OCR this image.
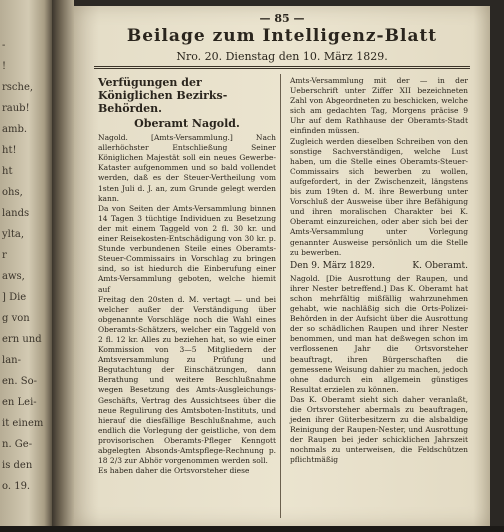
-
!
rsche,
raub!
amb.
ht!
ht
ohs,
lands
ylta,
r
aws,
] Die
g von
ern und
lan-
en. So-
en Lei-
it einem
n. Ge-
is den
o. 19.
— 85 —
Beilage zum Intelligenz-Blatt
Nro. 20. Dienstag den 10. März 1829.
Verfügungen der Königlichen Bezirks-Behörden.
Oberamt Nagold.

Nagold. [Amts-Versammlung.] Nach allerhöchster Entschließung Seiner Königlichen Majestät soll ein neues Gewerbe-Kataster aufgenommen und so bald vollendet werden, daß es der Steuer-Vertheilung vom 1sten Juli d. J. an, zum Grunde gelegt werden kann.

Da von Seiten der Amts-Versammlung binnen 14 Tagen 3 tüchtige Individuen zu Besetzung der mit einem Taggeld von 2 fl. 30 kr. und einer Reisekosten-Entschädigung von 30 kr. p. Stunde verbundenen Steile eines Oberamts-Steuer-Commissairs in Vorschlag zu bringen sind, so ist hiedurch die Einberufung einer Amts-Versammlung geboten, welche hiemit auf

Freitag den 20sten d. M. vertagt — und bei welcher außer der Verständigung über obgenannte Vorschläge noch die Wahl eines Oberamts-Schätzers, welcher ein Taggeld von 2 fl. 12 kr. Alles zu beziehen hat, so wie einer Kommission von 3—5 Mitgliedern der Amtsversammlung zu Prüfung und Begutachtung der Einschätzungen, dann Berathung und weitere Beschlußnahme wegen Besetzung des Amts-Ausgleichungs-Geschäfts, Vertrag des Aussichtsees über die neue Regulirung des Amtsboten-Instituts, und hierauf die diesfällige Beschlußnahme, auch endlich die Vorlegung der geistliche, von dem provisorischen Oberamts-Pfleger Kenngott abgelegten Absonds-Amtspflege-Rechnung p. 18 2/3 zur Abhör vorgenommen werden soll.

Es haben daher die Ortsvorsteher diese

Amts-Versammlung mit der — in der Ueberschrift unter Ziffer XII bezeichneten Zahl von Abgeordneten zu beschicken, welche sich am gedachten Tag, Morgens präcise 9 Uhr auf dem Rathhause der Oberamts-Stadt einfinden müssen.

Zugleich werden dieselben Schreiben von den sonstige Sachverständigen, welche Lust haben, um die Stelle eines Oberamts-Steuer-Commissairs sich bewerben zu wollen, aufgefordert, in der Zwischenzeit, längstens bis zum 19ten d. M. ihre Bewerbung unter Vorschluß der Ausweise über ihre Befähigung und ihren moralischen Charakter bei K. Oberamt einzureichen, oder aber sich bei der Amts-Versammlung unter Vorlegung genannter Ausweise persönlich um die Stelle zu bewerben.

Den 9. März 1829.	K. Oberamt.

Nagold. [Die Ausrottung der Raupen, und ihrer Nester betreffend.] Das K. Oberamt hat schon mehrfältig mißfällig wahrzunehmen gehabt, wie nachläßig sich die Orts-Polizei-Behörden in der Aufsicht über die Ausrottung der so schädlichen Raupen und ihrer Nester benommen, und man hat deßwegen schon im verflossenen Jahr die Ortsvorsteher beauftragt, ihren Bürgerschaften die gemessene Weisung dahier zu machen, jedoch ohne dadurch ein allgemein günstiges Resultat erzielen zu können.

Das K. Oberamt sieht sich daher veranlaßt, die Ortsvorsteher abermals zu beauftragen, jeden ihrer Güterbesitzern zu die alsbaldige Reinigung der Raupen-Nester, und Ausrottung der Raupen bei jeder schicklichen Jahrszeit nochmals zu unterweisen, die Feldschützen pflichtmäßig
